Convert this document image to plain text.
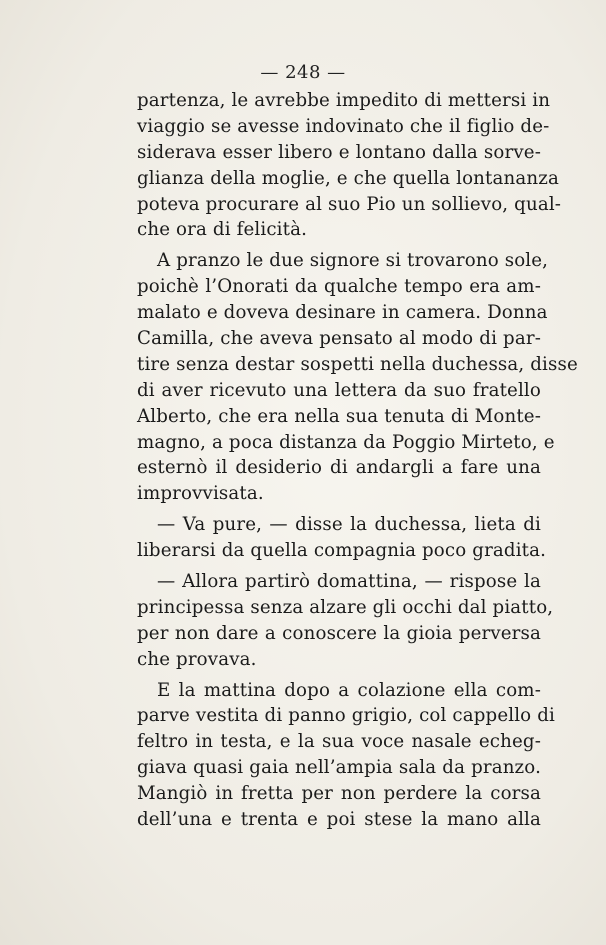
— 248 —
partenza, le avrebbe impedito di mettersi in
viaggio se avesse indovinato che il figlio de-
siderava esser libero e lontano dalla sorve-
glianza della moglie, e che quella lontananza
poteva procurare al suo Pio un sollievo, qual-
che ora di felicità.
A pranzo le due signore si trovarono sole,
poichè l’Onorati da qualche tempo era am-
malato e doveva desinare in camera. Donna
Camilla, che aveva pensato al modo di par-
tire senza destar sospetti nella duchessa, disse
di aver ricevuto una lettera da suo fratello
Alberto, che era nella sua tenuta di Monte-
magno, a poca distanza da Poggio Mirteto, e
esternò il desiderio di andargli a fare una
improvvisata.
— Va pure, — disse la duchessa, lieta di
liberarsi da quella compagnia poco gradita.
— Allora partirò domattina, — rispose la
principessa senza alzare gli occhi dal piatto,
per non dare a conoscere la gioia perversa
che provava.
E la mattina dopo a colazione ella com-
parve vestita di panno grigio, col cappello di
feltro in testa, e la sua voce nasale echeg-
giava quasi gaia nell’ampia sala da pranzo.
Mangiò in fretta per non perdere la corsa
dell’una e trenta e poi stese la mano alla
